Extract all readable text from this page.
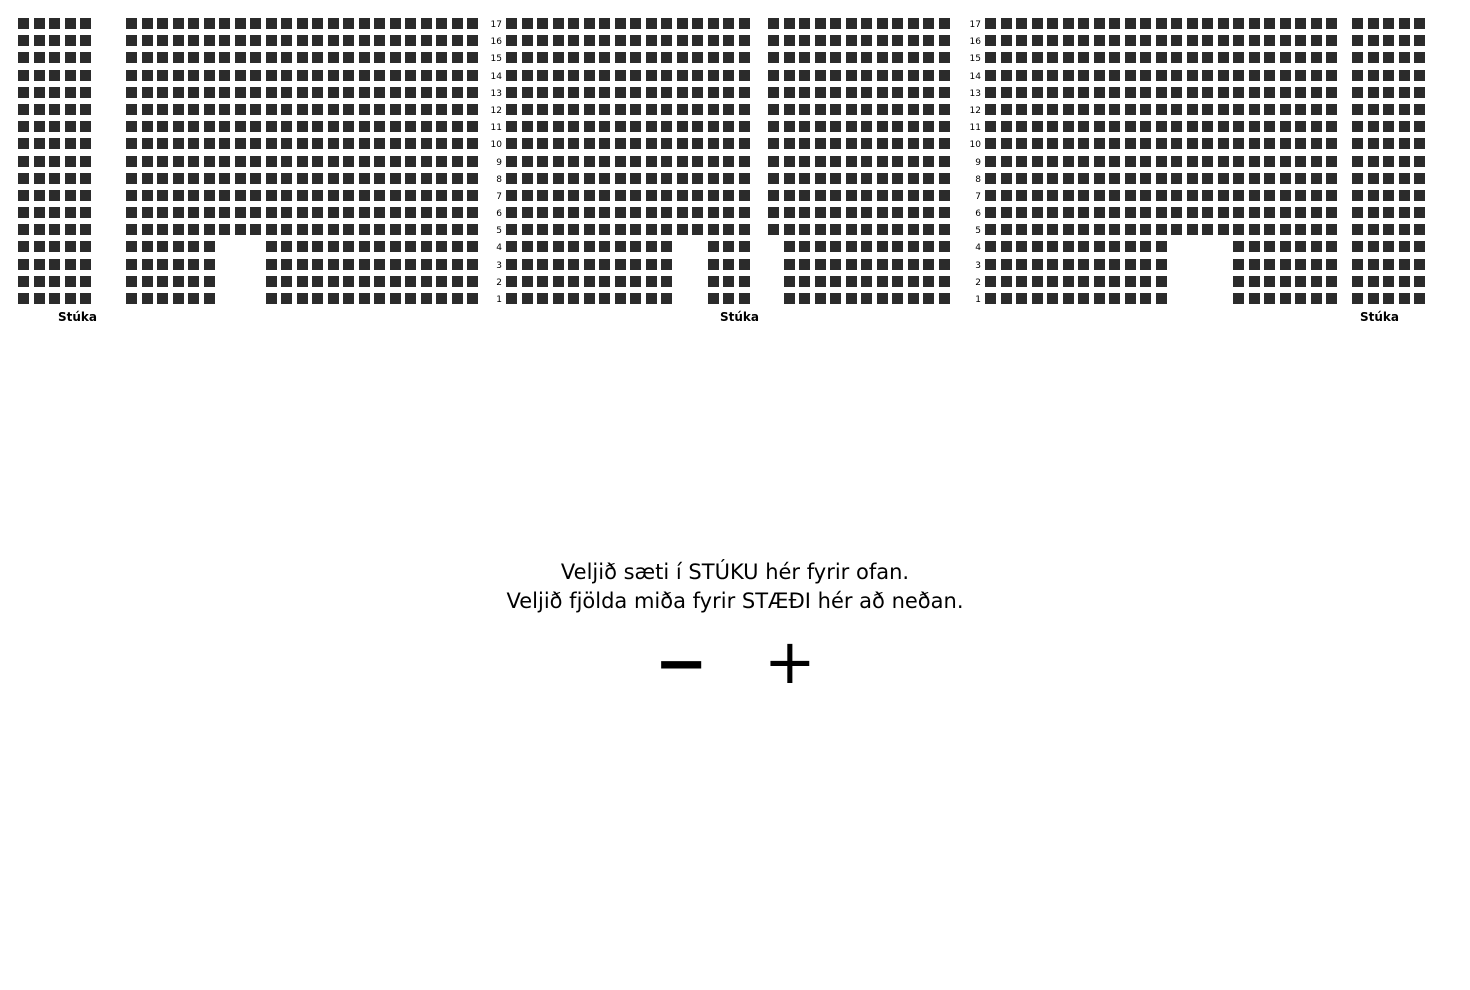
17
16
15
14
13
12
11
10
9
8
7
6
5
4
3
2
1
17
16
15
14
13
12
11
10
9
8
7
6
5
4
3
2
1
Stúka	Stúka	Stúka
Veljið sæti í STÚKU hér fyrir ofan.
Veljið fjölda miða fyrir STÆÐI hér að neðan.
− +
